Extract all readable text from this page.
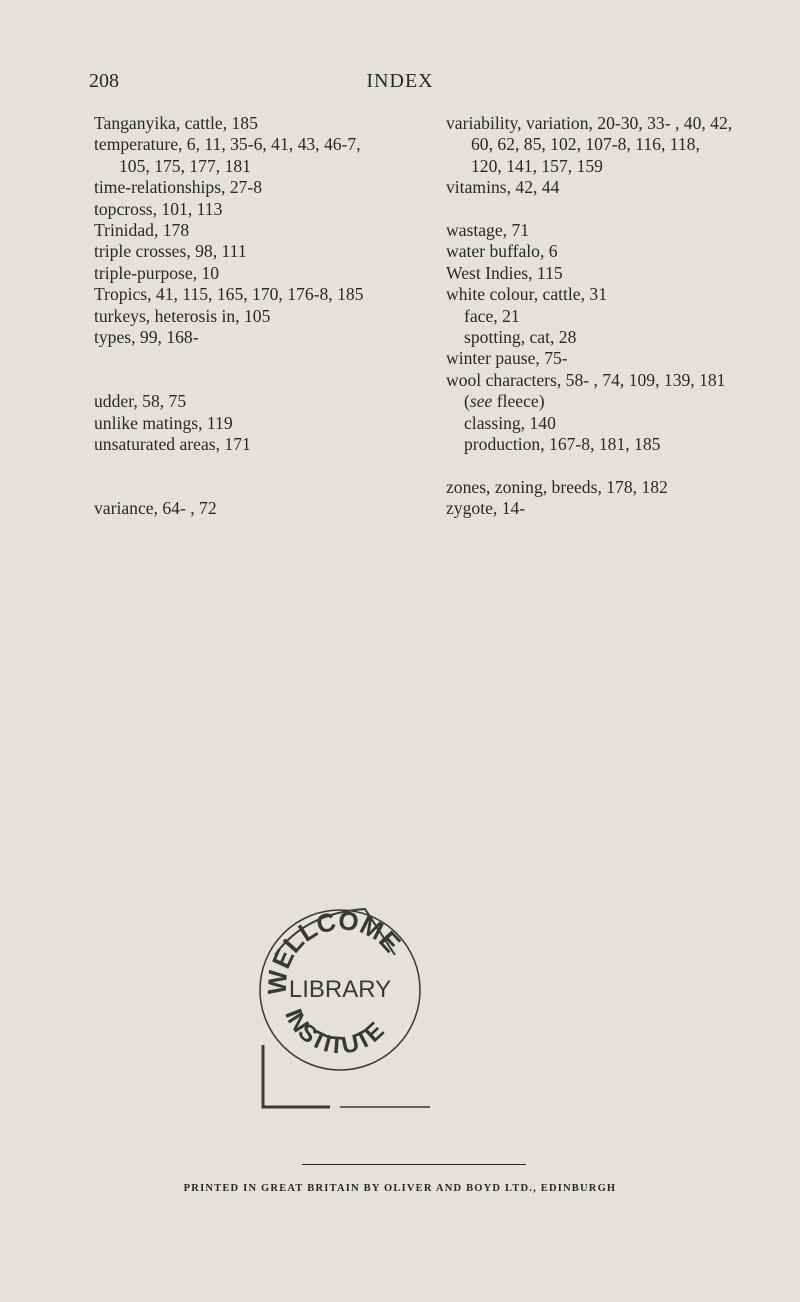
208	INDEX
Tanganyika, cattle, 185
temperature, 6, 11, 35-6, 41, 43, 46-7,
105, 175, 177, 181
time-relationships, 27-8
topcross, 101, 113
Trinidad, 178
triple crosses, 98, 111
triple-purpose, 10
Tropics, 41, 115, 165, 170, 176-8, 185
turkeys, heterosis in, 105
types, 99, 168-
udder, 58, 75
unlike matings, 119
unsaturated areas, 171
variance, 64- , 72
variability, variation, 20-30, 33- , 40, 42,
60, 62, 85, 102, 107-8, 116, 118,
120, 141, 157, 159
vitamins, 42, 44
wastage, 71
water buffalo, 6
West Indies, 115
white colour, cattle, 31
face, 21
spotting, cat, 28
winter pause, 75-
wool characters, 58- , 74, 109, 139, 181
(see fleece)
classing, 140
production, 167-8, 181, 185
zones, zoning, breeds, 178, 182
zygote, 14-
WELLCOME
LIBRARY
INSTITUTE
PRINTED IN GREAT BRITAIN BY OLIVER AND BOYD LTD., EDINBURGH
